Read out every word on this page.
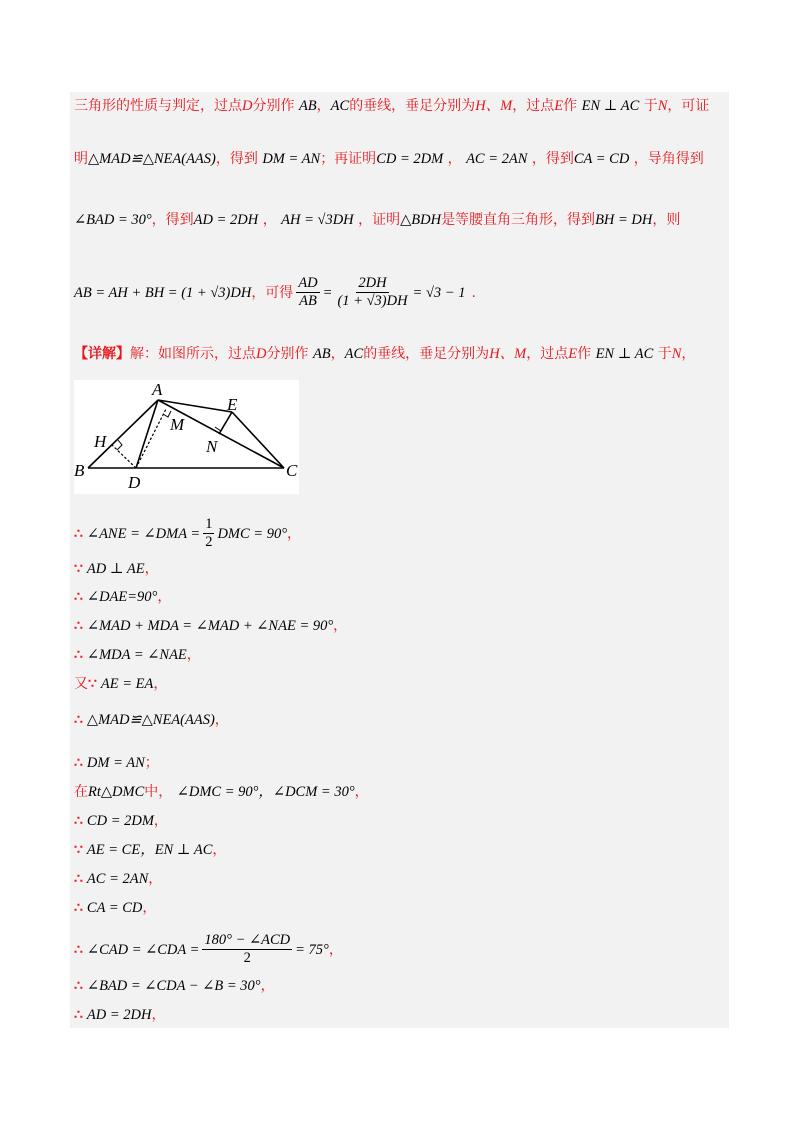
三角形的性质与判定，过点D分别作 AB，AC的垂线，垂足分别为H、M，过点E作 EN ⊥ AC 于N，可证
明△MAD≌△NEA(AAS)，得到 DM = AN；再证明CD = 2DM ， AC = 2AN ，得到CA = CD ，导角得到
∠BAD = 30°，得到AD = 2DH ， AH = √3DH ，证明△BDH是等腰直角三角形，得到BH = DH，则
AB = AH + BH = (1 + √3)DH ，可得 $\frac{AD}{AB} = \frac{2DH}{(1 + √3)DH} = √3 - 1$ .
【详解】解：如图所示，过点D分别作 AB，AC的垂线，垂足分别为H、M，过点E作 EN ⊥ AC 于N，
A
E
M
H	N
B
D
C
∴ ∠ANE = ∠DMA = $\frac{1}{2}$ DMC = 90° ，
∵ AD ⊥ AE，
∴ ∠DAE=90°，
∴ ∠MAD + MDA = ∠MAD + ∠NAE = 90°，
∴ ∠MDA = ∠NAE，
又∵ AE = EA，
∴ △MAD≌△NEA(AAS)，
∴ DM = AN；
在Rt△DMC中， ∠DMC = 90°，∠DCM = 30°，
∴ CD = 2DM，
∵ AE = CE，EN ⊥ AC，
∴ AC = 2AN，
∴ CA = CD，
∴ ∠CAD = ∠CDA = $\frac{\text{180° − ∠ACD}}{2} = 75^\circ$ ，
∴ ∠BAD = ∠CDA − ∠B = 30°，
∴ AD = 2DH，
